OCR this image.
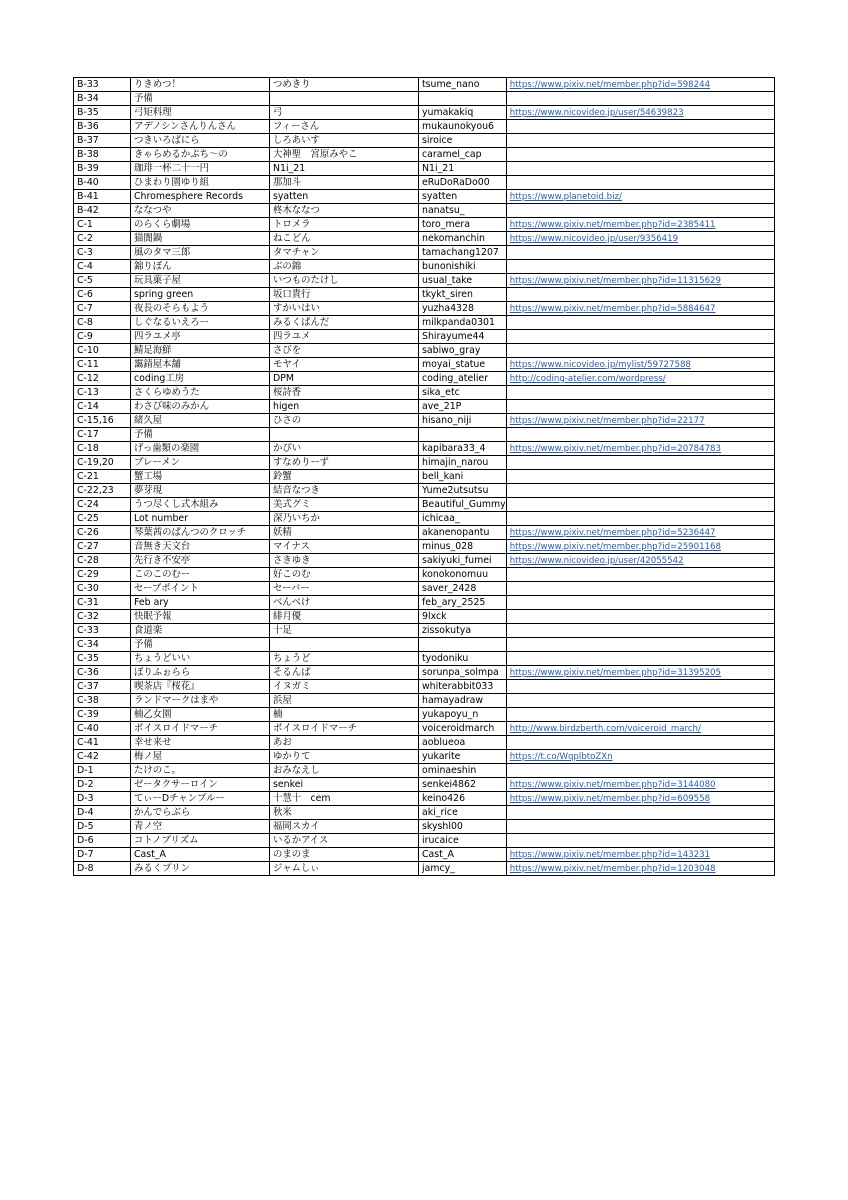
B-33	りきめつ！	つめきり	tsume_nano	https://www.pixiv.net/member.php?id=598244
B-34	予備			
B-35	弓矩料理	弓	yumakakiq	https://www.nicovideo.jp/user/54639823
B-36	アデノシンさんりんさん	フィーさん	mukaunokyou6	
B-37	つきいろばにら	しろあいす	siroice	
B-38	きゃらめるかぷち～の	大神聖　宮原みやこ	caramel_cap	
B-39	珈琲一杯二十一円	N1i_21	N1i_21	
B-40	ひまわり園ゆり組	那加斗	eRuDoRaDo00	
B-41	Chromesphere Records	syatten	syatten	https://www.planetoid.biz/
B-42	ななつや	柊木ななつ	nanatsu_	
C-1	のらくら劇場	トロメラ	toro_mera	https://www.pixiv.net/member.php?id=2385411
C-2	猫闇鍋	ねこどん	nekomanchin	https://www.nicovideo.jp/user/9356419
C-3	風のタマ三郎	タマチャン	tamachang1207	
C-4	錦りぼん	ぶの錦	bunonishiki	
C-5	玩具菓子屋	いつものたけし	usual_take	https://www.pixiv.net/member.php?id=11315629
C-6	spring green	坂口貴行	tkykt_siren	
C-7	夜長のそらもよう	すかいはい	yuzha4328	https://www.pixiv.net/member.php?id=5884647
C-8	しぐなるいえろー	みるくぱんだ	milkpanda0301	
C-9	四ラユメ亭	四ラユメ	Shirayume44	
C-10	鯖足海鮮	さびを	sabiwo_gray	
C-11	靄錆屋本舗	モヤイ	moyai_statue	https://www.nicovideo.jp/mylist/59727588
C-12	coding工房	DPM	coding_atelier	http://coding-atelier.com/wordpress/
C-13	さくらゆめうた	桜詩香	sika_etc	
C-14	わさび味のみかん	higen	ave_21P	
C-15,16	緒久屋	ひさの	hisano_niji	https://www.pixiv.net/member.php?id=22177
C-17	予備			
C-18	げっ歯類の楽園	かぴい	kapibara33_4	https://www.pixiv.net/member.php?id=20784783
C-19,20	ブレーメン	すなめりーず	himajin_narou	
C-21	蟹工場	鈴蟹	bell_kani	
C-22,23	夢芽現	結音なつき	Yume2utsutsu	
C-24	うつ尽くし式木組み	美式グミ	Beautiful_Gummy	
C-25	Lot number	深乃いちか	ichicaa_	
C-26	琴葉茜のぱんつのクロッチ	妖精	akanenopantu	https://www.pixiv.net/member.php?id=5236447
C-27	音無き天文台	マイナス	minus_028	https://www.pixiv.net/member.php?id=25901168
C-28	先行き不安亭	さきゆき	sakiyuki_fumei	https://www.nicovideo.jp/user/42055542
C-29	このこのむー	好このむ	konokonomuu	
C-30	セーブポイント	セーバー	saver_2428	
C-31	Feb ary	べんべけ	feb_ary_2525	
C-32	快眠予報	緋月優	9lxck	
C-33	食道楽	十足	zissokutya	
C-34	予備			
C-35	ちょうどいい	ちょうど	tyodoniku	
C-36	ぽりふぉらら	そるんぱ	sorunpa_solmpa	https://www.pixiv.net/member.php?id=31395205
C-37	喫茶店『桜花』	イヌガミ	whiterabbit033	
C-38	ランドマークはまや	浜屋	hamayadraw	
C-39	楠乙女園	楠	yukapoyu_n	
C-40	ボイスロイドマーチ	ボイスロイドマーチ	voiceroidmarch	http://www.birdzberth.com/voiceroid_march/
C-41	幸せ来せ	あお	aoblueoa	
C-42	梅ノ屋	ゆかりて	yukarite	https://t.co/WqplbtoZXn
D-1	たけのこ。	おみなえし	ominaeshin	
D-2	ゼータクサーロイン	senkei	senkei4862	https://www.pixiv.net/member.php?id=3144080
D-3	てぃーDチャンプルー	十慧十　cem	keino426	https://www.pixiv.net/member.php?id=609558
D-4	かんでらぶら	秋米	aki_rice	
D-5	青ノ空	福岡スカイ	skyshl00	
D-6	コトノプリズム	いるかアイス	irucaice	
D-7	Cast_A	のまのま	Cast_A	https://www.pixiv.net/member.php?id=143231
D-8	みるくプリン	ジャムしぃ	jamcy_	https://www.pixiv.net/member.php?id=1203048
